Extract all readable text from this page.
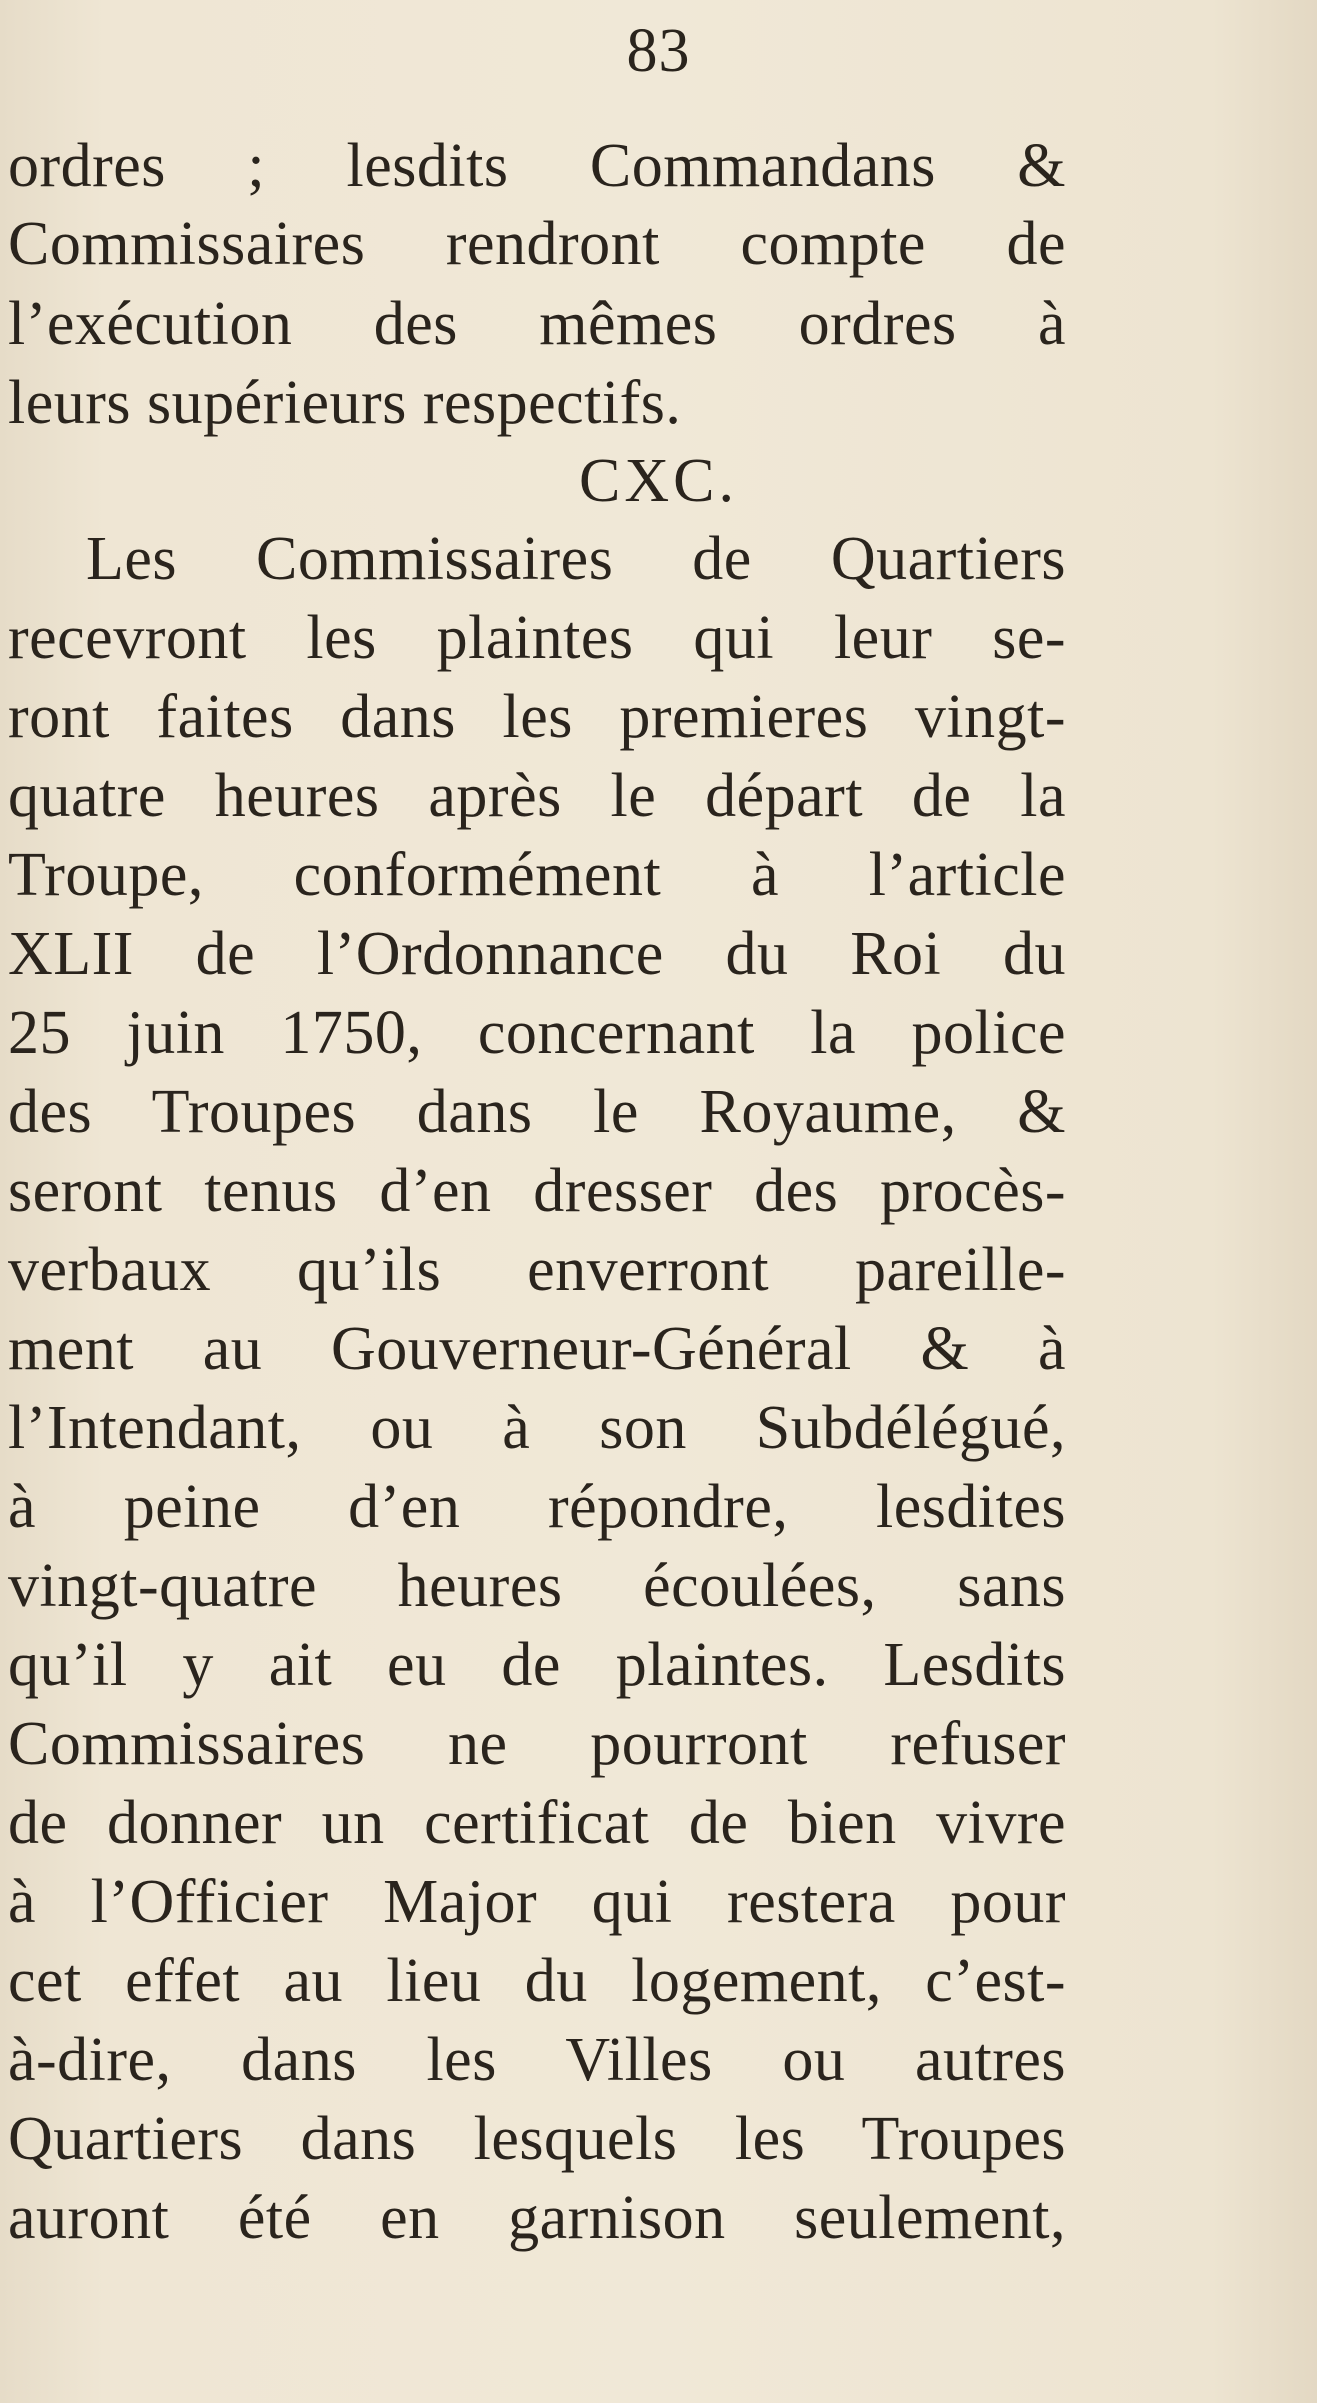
83
ordres ; lesdits Commandans &
Commissaires rendront compte de
l’exécution des mêmes ordres à
leurs supérieurs respectifs.
CXC.
Les Commissaires de Quartiers
recevront les plaintes qui leur se-
ront faites dans les premieres vingt-
quatre heures après le départ de la
Troupe, conformément à l’article
XLII de l’Ordonnance du Roi du
25 juin 1750, concernant la police
des Troupes dans le Royaume, &
seront tenus d’en dresser des procès-
verbaux qu’ils enverront pareille-
ment au Gouverneur-Général & à
l’Intendant, ou à son Subdélégué,
à peine d’en répondre, lesdites
vingt-quatre heures écoulées, sans
qu’il y ait eu de plaintes. Lesdits
Commissaires ne pourront refuser
de donner un certificat de bien vivre
à l’Officier Major qui restera pour
cet effet au lieu du logement, c’est-
à-dire, dans les Villes ou autres
Quartiers dans lesquels les Troupes
auront été en garnison seulement,
